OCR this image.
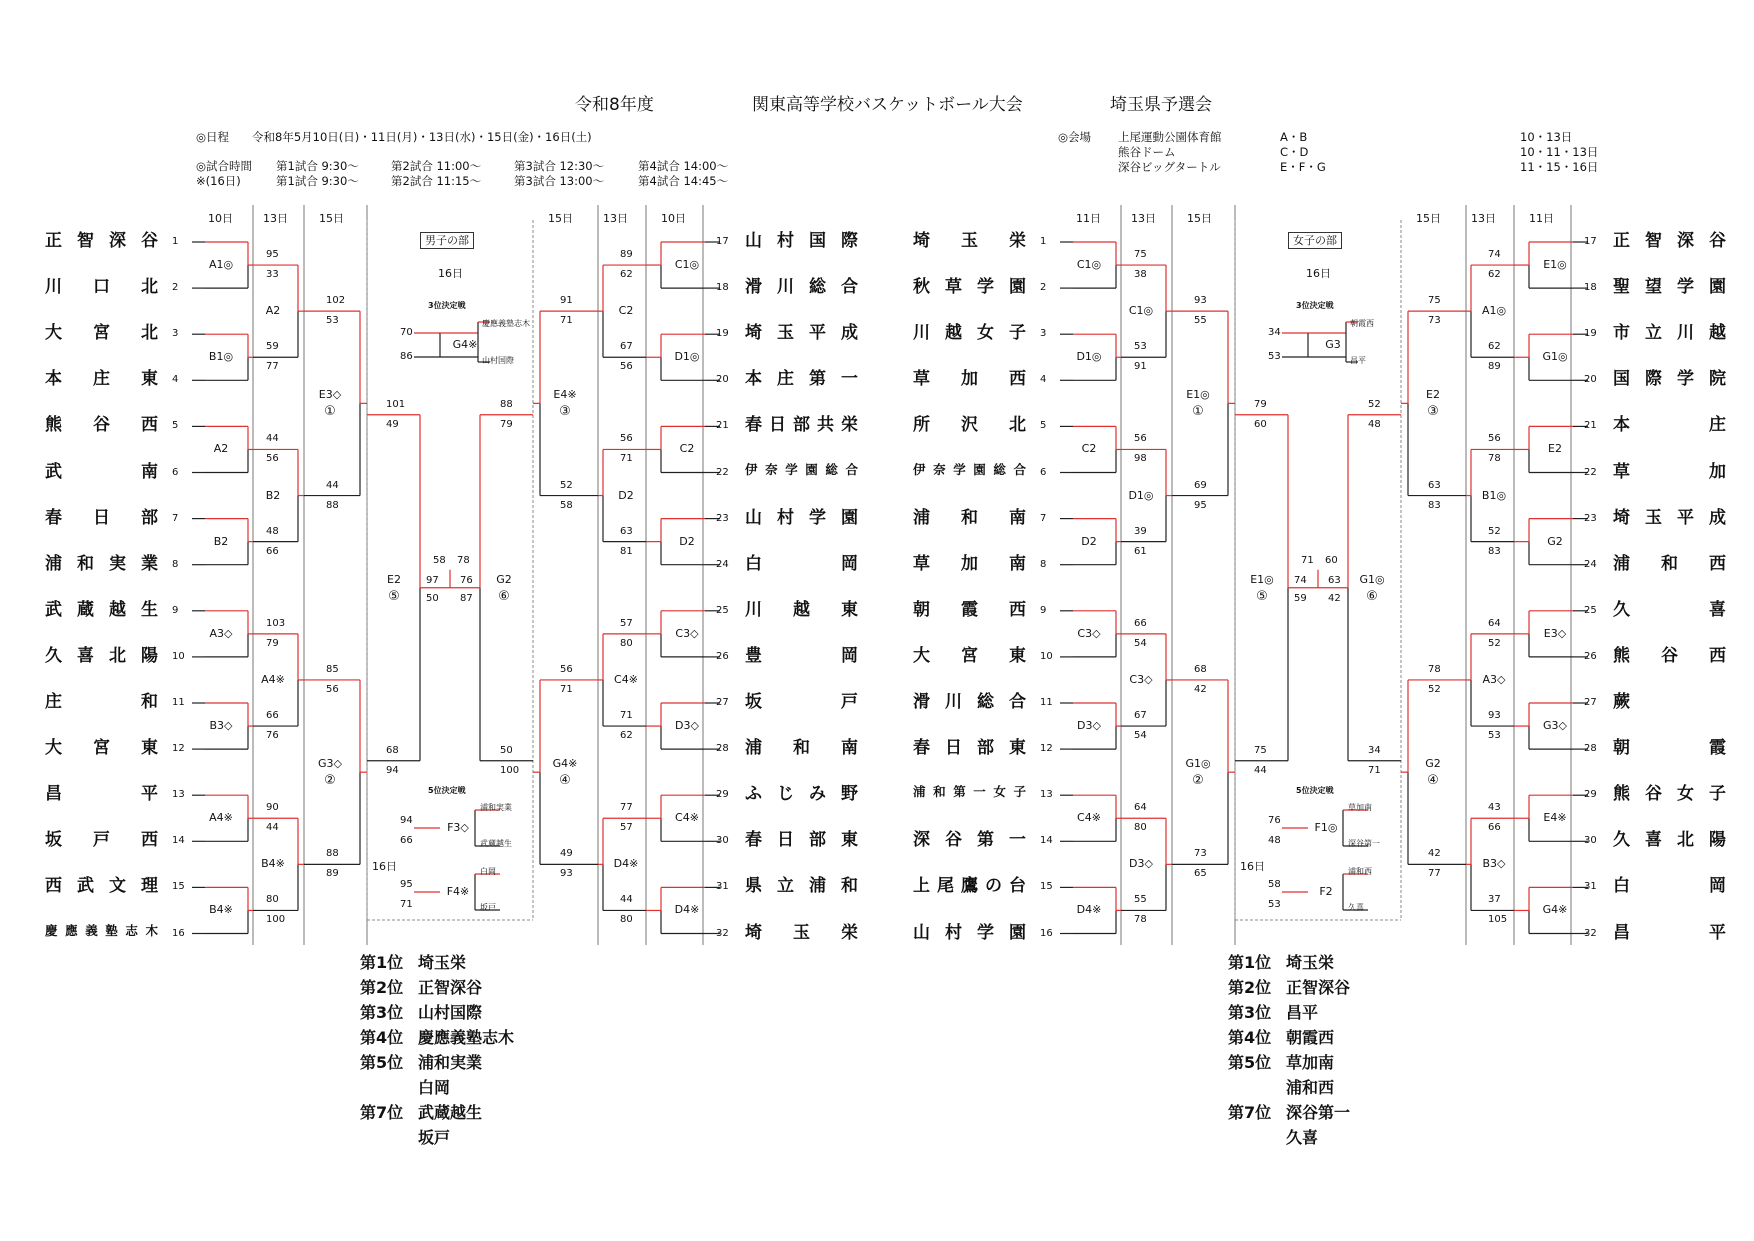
令和8年度	関東高等学校バスケットボール大会	埼玉県予選会
◎日程 令和8年5月10日(日)・11日(月)・13日(水)・15日(金)・16日(土)
◎試合時間
※(16日)
第1試合 9:30～	第2試合 11:00～	第3試合 12:30～	第4試合 14:00～
第1試合 9:30～	第2試合 11:15～	第3試合 13:00～	第4試合 14:45～
◎会場 上尾運動公園体育館	A・B	10・13日
熊谷ドーム	C・D	10・11・13日
深谷ビッグタートル	E・F・G	11・15・16日
10日	15日
13日	13日
15日	10日
正智深谷 1	山村国際
17
川口北 2	滑川総合
18
大宮北 3	埼玉平成
19
本庄東 4	本庄第一
20
熊谷西 5	春日部共栄
21
武 南 6	伊奈学園総合
22
春日部 7	山村学園
23
浦和実業 8	白 岡
24
武蔵越生 9	川 越 東
25
久喜北陽 10	豊 岡
26
庄 和 11	坂 戸
27
大宮東 12	浦 和 南
28
昌 平 13	ふじみ野
29
坂戸西 14	春日部東
30
西武文理 15	県立浦和
31
慶應義塾志木 16	埼 玉 栄
32
A1◎	C1◎
B1◎	D1◎
A2	C2
B2	D2
A3◇	C3◇
B3◇	D3◇
A4※	C4※
B4※	D4※
A2
95
33
59
77
C2
89
62
67
56
B2
44
56
48
66
D2
56
71
63
81
A4※
103
79
66
76
C4※
57
80
71
62
B4※
90
44
80
100
D4※
77
57
44
80
E3◇
①
102
53
44
88
E4※
③
91
71
52
58
G3◇
②
85
56
88
89
G4※
④
56
71
49
93
E2
⑤
101
49
68
94
G2
⑥
88
79
50
100
97
50
76
87
58 78
男子の部
16日
16日
3位決定戦
70
86
G4※
慶應義塾志木
山村国際
5位決定戦
94
66
F3◇
浦和実業
武蔵越生
95
71
F4※
白岡
坂戸
第1位 埼玉栄
第2位 正智深谷
第3位 山村国際
第4位 慶應義塾志木
第5位 浦和実業
白岡
第7位 武蔵越生
坂戸
11日	15日
13日	13日
15日	11日
埼 玉 栄 1	正智深谷
17
秋草学園 2	聖望学園
18
川越女子 3	市立川越
19
草 加 西 4	国際学院
20
所 沢 北 5	本 庄
21
伊奈学園総合 6	草 加
22
浦 和 南 7	埼玉平成
23
草 加 南 8	浦 和 西
24
朝 霞 西 9	久 喜
25
大 宮 東 10	熊 谷 西
26
滑川総合 11	蕨
27
春日部東 12	朝 霞
28
浦和第一女子 13	熊谷女子
29
深谷第一 14	久喜北陽
30
上尾鷹の台 15	白 岡
31
山村学園 16	昌 平
32
C1◎	E1◎
D1◎	G1◎
C2	E2
D2	G2
C3◇	E3◇
D3◇	G3◇
C4※	E4※
D4※	G4※
C1◎
75
38
53
91
A1◎
74
62
62
89
D1◎
56
98
39
61
B1◎
56
78
52
83
C3◇
66
54
67
54
A3◇
64
52
93
53
D3◇
64
80
55
78
B3◇
43
66
37
105
E1◎
①
93
55
69
95
E2
③
75
73
63
83
G1◎
②
68
42
73
65
G2
④
78
52
42
77
E1◎
⑤
79
60
75
44
G1◎
⑥
52
48
34
71
74
59
63
42
71 60
女子の部
16日
16日
3位決定戦
34
53
G3
朝霞西
昌平
5位決定戦
76
48
F1◎
草加南
深谷第一
58
53
F2
浦和西
久喜
第1位 埼玉栄
第2位 正智深谷
第3位 昌平
第4位 朝霞西
第5位 草加南
浦和西
第7位 深谷第一
久喜
